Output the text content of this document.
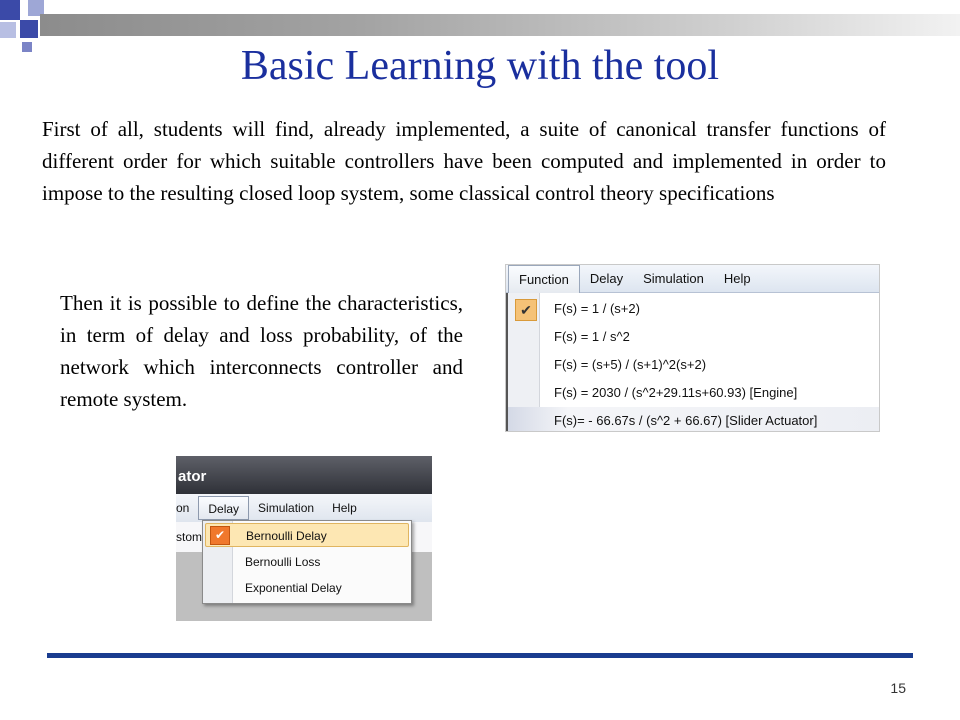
Basic Learning with the tool
First of all, students will find, already implemented, a suite of canonical transfer functions of different order for which suitable controllers have been computed and implemented in order to impose to the resulting closed loop system, some classical control theory specifications
Then it is possible to define the characteristics, in term of delay and loss probability, of the network which interconnects controller and remote system.
Function	Delay	Simulation	Help
✔	F(s) = 1 / (s+2)
F(s) = 1 / s^2
F(s) = (s+5) / (s+1)^2(s+2)
F(s) = 2030 / (s^2+29.11s+60.93) [Engine]
F(s)= - 66.67s / (s^2 + 66.67) [Slider Actuator]
ator
on	Delay	Simulation	Help
stom	✔	Bernoulli Delay
Bernoulli Loss
Exponential Delay
15
